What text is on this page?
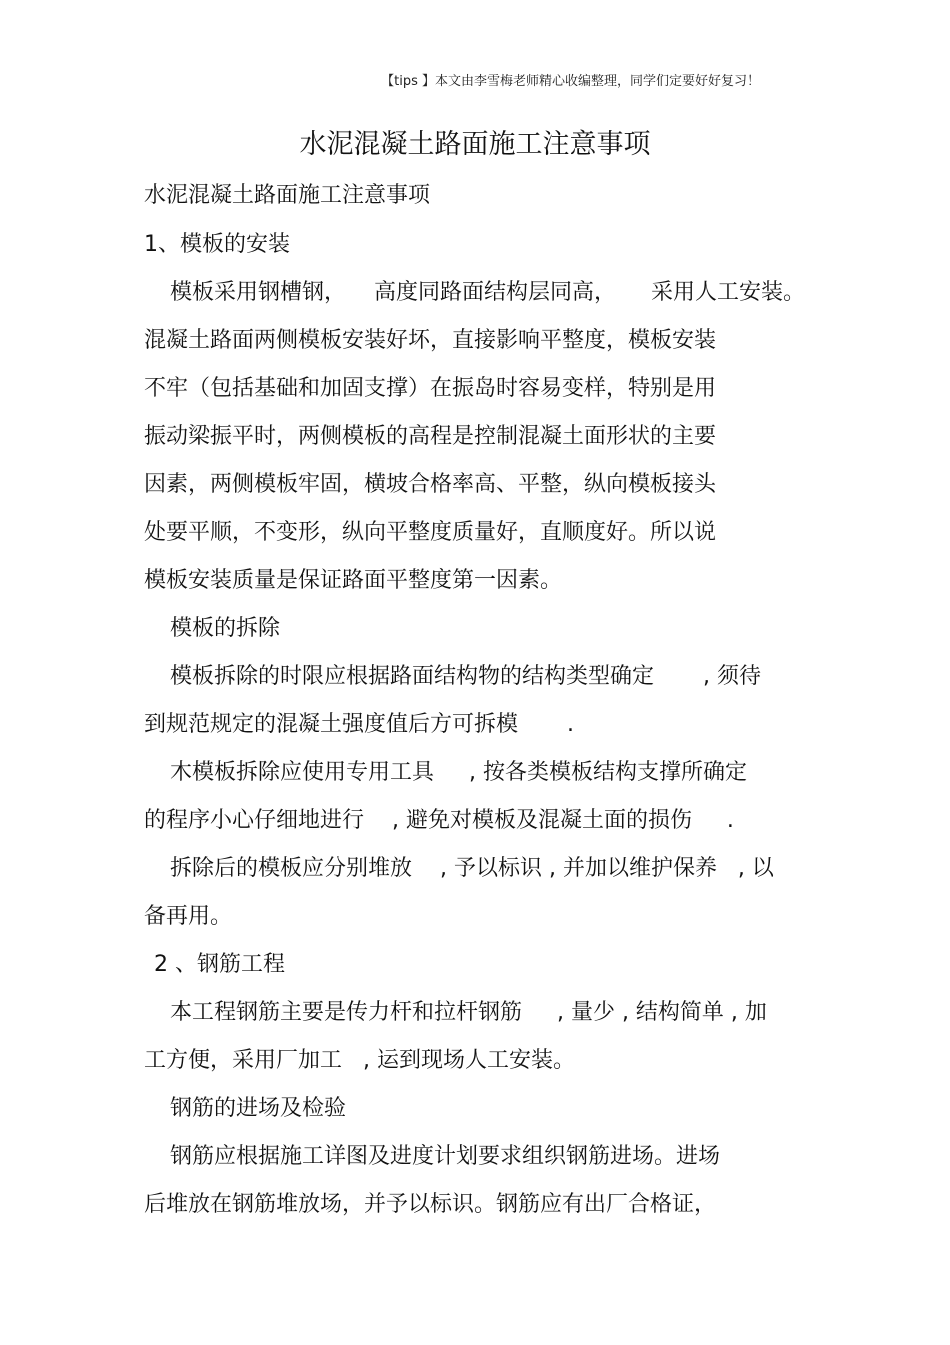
【tips 】本文由李雪梅老师精心收编整理，同学们定要好好复习！
水泥混凝土路面施工注意事项
水泥混凝土路面施工注意事项
1、模板的安装
模板采用钢槽钢，    高度同路面结构层同高，     采用人工安装。
混凝土路面两侧模板安装好坏，直接影响平整度，模板安装
不牢（包括基础和加固支撑）在振岛时容易变样，特别是用
振动梁振平时，两侧模板的高程是控制混凝土面形状的主要
因素，两侧模板牢固，横坡合格率高、平整，纵向模板接头
处要平顺，不变形，纵向平整度质量好，直顺度好。所以说
模板安装质量是保证路面平整度第一因素。
模板的拆除
模板拆除的时限应根据路面结构物的结构类型确定       , 须待
到规范规定的混凝土强度值后方可拆模       .
木模板拆除应使用专用工具     , 按各类模板结构支撑所确定
的程序小心仔细地进行    , 避免对模板及混凝土面的损伤     .
拆除后的模板应分别堆放    , 予以标识 , 并加以维护保养   , 以
备再用。
2 、钢筋工程
本工程钢筋主要是传力杆和拉杆钢筋     , 量少 , 结构简单 , 加
工方便，采用厂加工   , 运到现场人工安装。
钢筋的进场及检验
钢筋应根据施工详图及进度计划要求组织钢筋进场。进场
后堆放在钢筋堆放场，并予以标识。钢筋应有出厂合格证，
